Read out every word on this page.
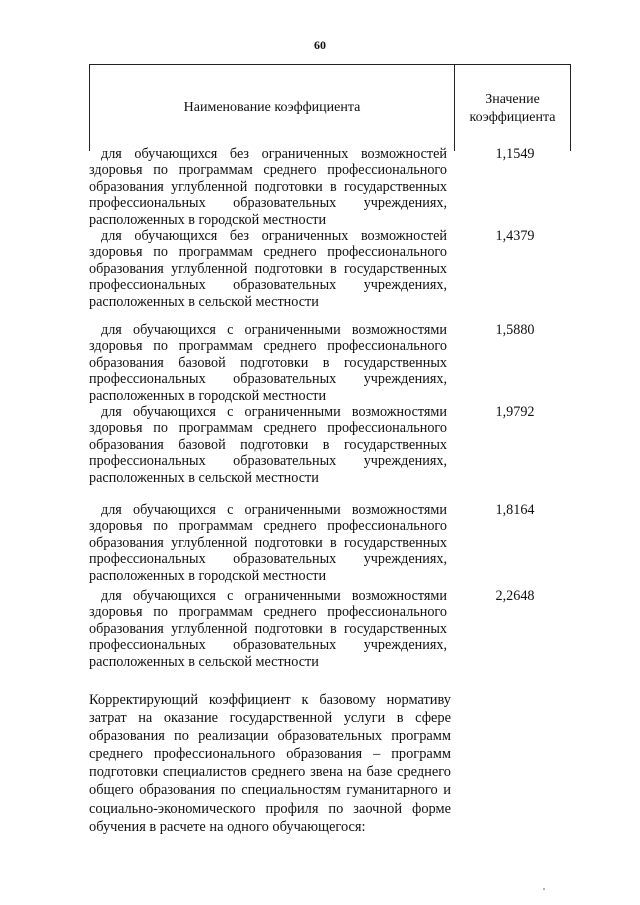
60
Наименование коэффициента
Значение
коэффициента
для обучающихся без ограниченных возможностей здоровья по программам среднего профессионального образования углубленной подготовки в государственных профессиональных образовательных учреждениях, расположенных в городской местности
1,1549
для обучающихся без ограниченных возможностей здоровья по программам среднего профессионального образования углубленной подготовки в государственных профессиональных образовательных учреждениях, расположенных в сельской местности
1,4379
для обучающихся с ограниченными возможностями здоровья по программам среднего профессионального образования базовой подготовки в государственных профессиональных образовательных учреждениях, расположенных в городской местности
1,5880
для обучающихся с ограниченными возможностями здоровья по программам среднего профессионального образования базовой подготовки в государственных профессиональных образовательных учреждениях, расположенных в сельской местности
1,9792
для обучающихся с ограниченными возможностями здоровья по программам среднего профессионального образования углубленной подготовки в государственных профессиональных образовательных учреждениях, расположенных в городской местности
1,8164
для обучающихся с ограниченными возможностями здоровья по программам среднего профессионального образования углубленной подготовки в государственных профессиональных образовательных учреждениях, расположенных в сельской местности
2,2648
Корректирующий коэффициент к базовому нормативу затрат на оказание государственной услуги в сфере образования по реализации образовательных программ среднего профессионального образования – программ подготовки специалистов среднего звена на базе среднего общего образования по специальностям гуманитарного и социально-экономического профиля по заочной форме обучения в расчете на одного обучающегося:
